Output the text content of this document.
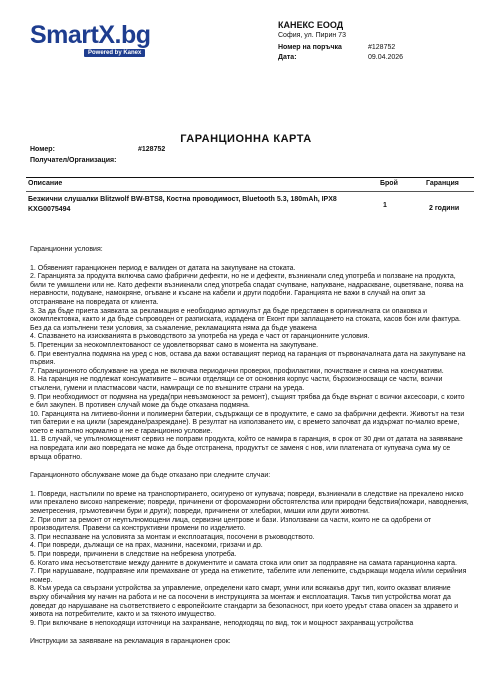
SmartX.bg
Powered by Kanex
КАНЕКС ЕООД
София, ул. Пирин 73
Номер на поръчка	#128752
Дата:	09.04.2026
ГАРАНЦИОННА КАРТА
Номер:	#128752
Получател/Организация:
Описание	Брой	Гаранция
Безжични слушалки Blitzwolf BW-BTS8, Костна проводимост, Bluetooth 5.3, 180mAh, IPX8
KXG0075494	1	2 години

Гаранционни условия:

1. Обявеният гаранционен период е валиден от датата на закупуване на стоката.

2. Гаранцията за продукта включва само фабрични дефекти, но не и дефекти, възникнали след употреба и ползване на продукта, били те умишлени или не. Като дефекти възникнали след употреба спадат счупване, напукване, надраскване, оцветяване, поява на неравности, подуване, намокряне, огъване и късане на кабели и други подобни. Гаранцията не важи в случай на опит за отстраняване на повредата от клиента.

3. За да бъде приета заявката за рекламация е необходимо артикулът да бъде представен в оригиналната си опаковка и окомплектовка, както и да бъде съпроводен от разписката, издадена от Еконт при заплащането на стоката, касов бон или фактура. Без да са изпълнени тези условия, за съжаление, рекламацията няма да бъде уважена

4. Спазването на изискванията в ръководството за употреба на уреда е част от гаранционните условия.

5. Претенции за неокомплектованост се удовлетворяват само в момента на закупуване.

6. При евентуална подмяна на уред с нов, остава да важи оставащият период на гаранция от първоначалната дата на закупуване на първия.

7. Гаранционното обслужване на уреда не включва периодични проверки, профилактики, почистване и смяна на консумативи.

8. На гаранция не подлежат консумативите – всички отделящи се от основния корпус части, бързоизносващи се части, всички стъклени, гумени и пластмасови части, намиращи се по външните страни на уреда.

9. При необходимост от подмяна на уреда(при невъзможност за ремонт), същият трябва да бъде върнат с всички аксесоари, с които е бил закупен. В противен случай може да бъде отказана подмяна.

10. Гаранцията на литиево-йонни и полимерни батерии, съдържащи се в продуктите, е само за фабрични дефекти. Животът на тези тип батерии е на цикли (зареждане/разреждане). В резултат на използването им, с времето започват да издържат по-малко време, което е напълно нормално и не е гаранционно условие.

11. В случай, че упълномощеният сервиз не поправи продукта, който се намира в гаранция, в срок от 30 дни от датата на заявяване на повредата или ако повредата не може да бъде отстранена, продуктът се заменя с нов, или платената от купувача сума му се връща обратно.

Гаранционното обслужване може да бъде отказано при следните случаи:

1. Повреди, настъпили по време на транспортирането, осигурено от купувача; повреди, възникнали в следствие на прекалено ниско или прекалено високо напрежение; повреди, причинени от форсмажорни обстоятелства или природни бедствия(пожари, наводнения, земетресения, гръмотевични бури и други); повреди, причинени от хлебарки, мишки или други животни.

2. При опит за ремонт от неупълномощени лица, сервизни центрове и бази. Използвани са части, които не са одобрени от производителя. Правени са конструктивни промени по изделието.

3. При неспазване на условията за монтаж и експлоатация, посочени в ръководството.

4. При повреди, дължащи се на прах, мазнини, насекоми, гризачи и др.

5. При повреди, причинени в следствие на небрежна употреба.

6. Когато има несъответствие между данните в документите и самата стока или опит за подправяне на самата гаранционна карта.

7. При нарушаване, подправяне или премахване от уреда на етикетите, табелите или лепенките, съдържащи модела и/или серийния номер.

8. Към уреда са свързани устройства за управление, определени като смарт, умни или всякакъв друг тип, които оказват влияние върху обичайния му начин на работа и не са посочени в инструкцията за монтаж и експлоатация. Такъв тип устройства могат да доведат до нарушаване на съответствието с европейските стандарти за безопасност, при което уредът става опасен за здравето и живота на потребителите, както и за тяхното имущество.

9. При включване в непоходящи източници на захранване, неподходящ по вид, ток и мощност захранващ устройства

Инструкции за заявяване на рекламация в гаранционен срок:
